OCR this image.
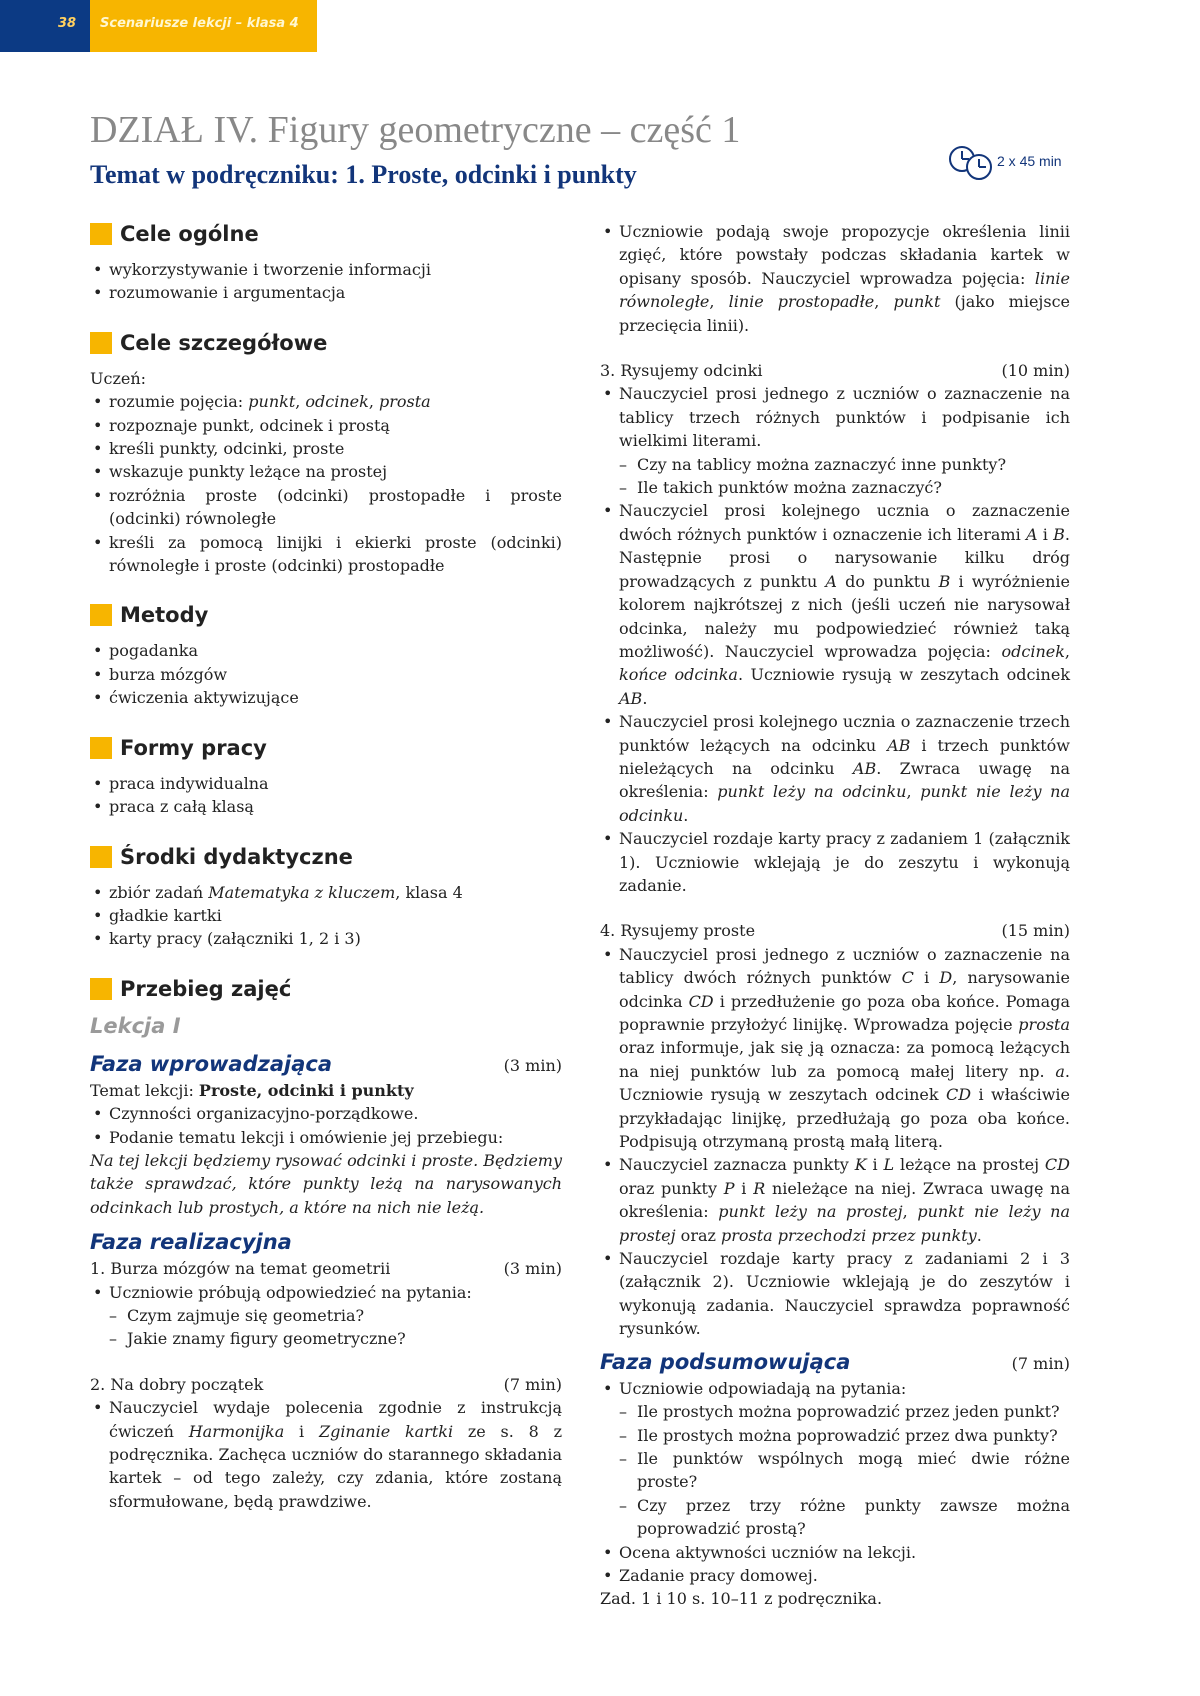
38 Scenariusze lekcji – klasa 4
DZIAŁ IV. Figury geometryczne – część 1
Temat w podręczniku: 1. Proste, odcinki i punkty	2 x 45 min
Cele ogólne
• wykorzystywanie i tworzenie informacji
• rozumowanie i argumentacja
Cele szczegółowe

Uczeń:

• rozumie pojęcia: punkt, odcinek, prosta
• rozpoznaje punkt, odcinek i prostą
• kreśli punkty, odcinki, proste
• wskazuje punkty leżące na prostej
• rozróżnia proste (odcinki) prostopadłe i proste (odcinki) równoległe
• kreśli za pomocą linijki i ekierki proste (odcinki) równoległe i proste (odcinki) prostopadłe
Metody
• pogadanka
• burza mózgów
• ćwiczenia aktywizujące
Formy pracy
• praca indywidualna
• praca z całą klasą
Środki dydaktyczne
• zbiór zadań Matematyka z kluczem, klasa 4
• gładkie kartki
• karty pracy (załączniki 1, 2 i 3)
Przebieg zajęć
Lekcja I
Faza wprowadzająca	(3 min)

Temat lekcji: Proste, odcinki i punkty

• Czynności organizacyjno-porządkowe.
• Podanie tematu lekcji i omówienie jej przebiegu:

Na tej lekcji będziemy rysować odcinki i proste. Będziemy także sprawdzać, które punkty leżą na narysowanych odcinkach lub prostych, a które na nich nie leżą.

Faza realizacyjna
1. Burza mózgów na temat geometrii	(3 min)
• Uczniowie próbują odpowiedzieć na pytania:
– Czym zajmuje się geometria?
– Jakie znamy figury geometryczne?
2. Na dobry początek	(7 min)
• Nauczyciel wydaje polecenia zgodnie z instrukcją ćwiczeń Harmonijka i Zginanie kartki ze s. 8 z podręcznika. Zachęca uczniów do starannego składania kartek – od tego zależy, czy zdania, które zostaną sformułowane, będą prawdziwe.
• Uczniowie podają swoje propozycje określenia linii zgięć, które powstały podczas składania kartek w opisany sposób. Nauczyciel wprowadza pojęcia: linie równoległe, linie prostopadłe, punkt (jako miejsce przecięcia linii).
3. Rysujemy odcinki	(10 min)
• Nauczyciel prosi jednego z uczniów o zaznaczenie na tablicy trzech różnych punktów i podpisanie ich wielkimi literami.
– Czy na tablicy można zaznaczyć inne punkty?
– Ile takich punktów można zaznaczyć?
• Nauczyciel prosi kolejnego ucznia o zaznaczenie dwóch różnych punktów i oznaczenie ich literami A i B. Następnie prosi o narysowanie kilku dróg prowadzących z punktu A do punktu B i wyróżnienie kolorem najkrótszej z nich (jeśli uczeń nie narysował odcinka, należy mu podpowiedzieć również taką możliwość). Nauczyciel wprowadza pojęcia: odcinek, końce odcinka. Uczniowie rysują w zeszytach odcinek AB.
• Nauczyciel prosi kolejnego ucznia o zaznaczenie trzech punktów leżących na odcinku AB i trzech punktów nieleżących na odcinku AB. Zwraca uwagę na określenia: punkt leży na odcinku, punkt nie leży na odcinku.
• Nauczyciel rozdaje karty pracy z zadaniem 1 (załącznik 1). Uczniowie wklejają je do zeszytu i wykonują zadanie.
4. Rysujemy proste	(15 min)
• Nauczyciel prosi jednego z uczniów o zaznaczenie na tablicy dwóch różnych punktów C i D, narysowanie odcinka CD i przedłużenie go poza oba końce. Pomaga poprawnie przyłożyć linijkę. Wprowadza pojęcie prosta oraz informuje, jak się ją oznacza: za pomocą leżących na niej punktów lub za pomocą małej litery np. a. Uczniowie rysują w zeszytach odcinek CD i właściwie przykładając linijkę, przedłużają go poza oba końce. Podpisują otrzymaną prostą małą literą.
• Nauczyciel zaznacza punkty K i L leżące na prostej CD oraz punkty P i R nieleżące na niej. Zwraca uwagę na określenia: punkt leży na prostej, punkt nie leży na prostej oraz prosta przechodzi przez punkty.
• Nauczyciel rozdaje karty pracy z zadaniami 2 i 3 (załącznik 2). Uczniowie wklejają je do zeszytów i wykonują zadania. Nauczyciel sprawdza poprawność rysunków.
Faza podsumowująca	(7 min)
• Uczniowie odpowiadają na pytania:
– Ile prostych można poprowadzić przez jeden punkt?
– Ile prostych można poprowadzić przez dwa punkty?
– Ile punktów wspólnych mogą mieć dwie różne proste?
– Czy przez trzy różne punkty zawsze można poprowadzić prostą?
• Ocena aktywności uczniów na lekcji.
• Zadanie pracy domowej.

Zad. 1 i 10 s. 10–11 z podręcznika.
